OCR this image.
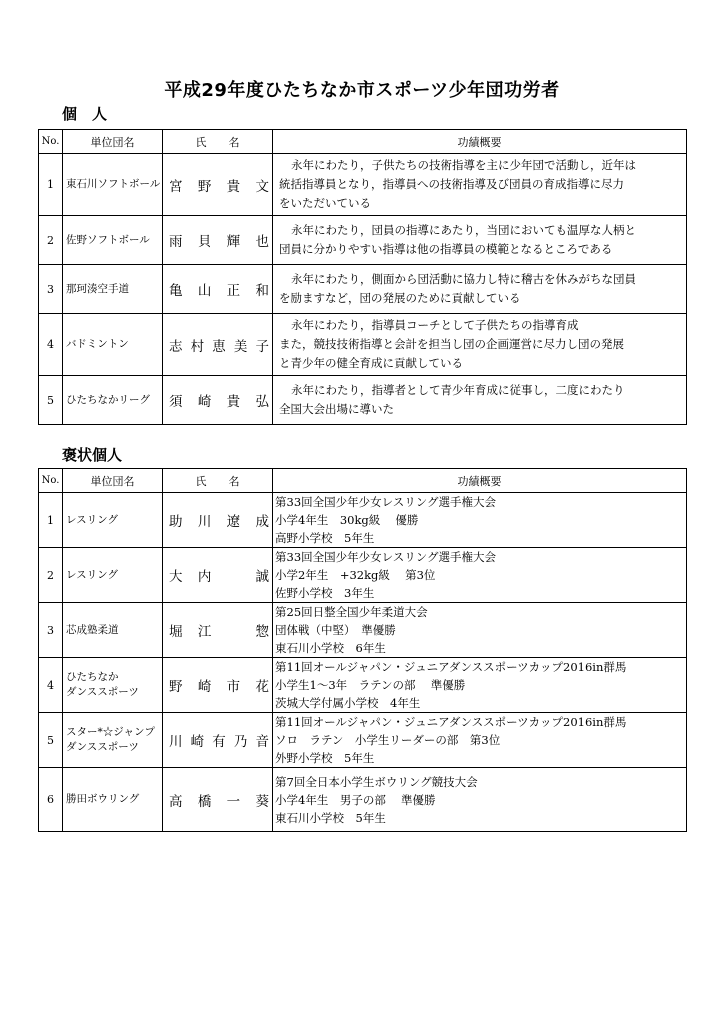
平成29年度ひたちなか市スポーツ少年団功労者
個　人
No.	単位団名	氏　　名	功績概要
1	東石川ソフトボール	宮野貴文	永年にわたり，子供たちの技術指導を主に少年団で活動し，近年は
統括指導員となり，指導員への技術指導及び団員の育成指導に尽力
をいただいている

2	佐野ソフトボール	雨貝輝也	永年にわたり，団員の指導にあたり，当団においても温厚な人柄と
団員に分かりやすい指導は他の指導員の模範となるところである

3	那珂湊空手道	亀山正和	永年にわたり，側面から団活動に協力し特に稽古を休みがちな団員
を励ますなど，団の発展のために貢献している

4	バドミントン	志村恵美子	永年にわたり，指導員コーチとして子供たちの指導育成
また，競技技術指導と会計を担当し団の企画運営に尽力し団の発展
と青少年の健全育成に貢献している

5	ひたちなかリーグ	須崎貴弘	永年にわたり，指導者として青少年育成に従事し，二度にわたり
全国大会出場に導いた
褒状個人
No.	単位団名	氏　　名	功績概要
1	レスリング	助川遼成	第33回全国少年少女レスリング選手権大会
小学4年生　30kg級　 優勝
高野小学校　5年生

2	レスリング	大内　誠	第33回全国少年少女レスリング選手権大会
小学2年生　+32kg級　 第3位
佐野小学校　3年生

3	芯成塾柔道	堀江　惣	第25回日整全国少年柔道大会
団体戦（中堅）　準優勝
東石川小学校　6年生

4	ひたちなか
ダンススポーツ	野崎市花	第11回オールジャパン・ジュニアダンススポーツカップ2016in群馬
小学生1～3年　ラテンの部　 準優勝
茨城大学付属小学校　4年生

5	スター*☆ジャンプ
ダンススポーツ	川崎有乃音	第11回オールジャパン・ジュニアダンススポーツカップ2016in群馬
ソロ　ラテン　小学生リーダーの部　第3位
外野小学校　5年生

6	勝田ボウリング	高橋一葵	第7回全日本小学生ボウリング競技大会
小学4年生　男子の部　 準優勝
東石川小学校　5年生
